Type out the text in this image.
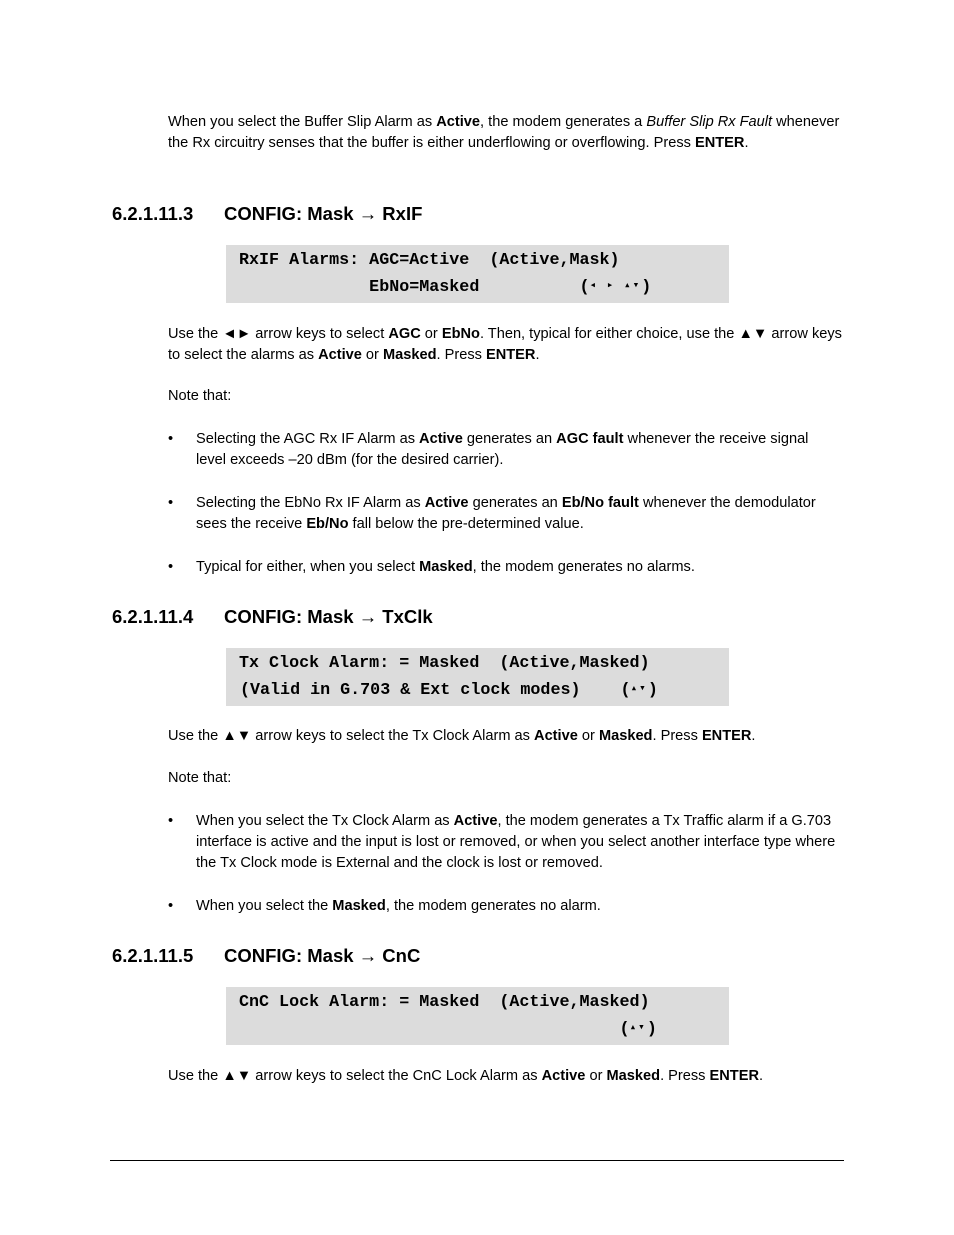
When you select the Buffer Slip Alarm as Active, the modem generates a Buffer Slip Rx Fault whenever the Rx circuitry senses that the buffer is either underflowing or overflowing. Press ENTER.
6.2.1.11.3 CONFIG: Mask → RxIF
RxIF Alarms: AGC=Active  (Active,Mask)
EbNo=Masked          (◂ ▸ ▴▾)
Use the ◄► arrow keys to select AGC or EbNo. Then, typical for either choice, use the ▲▼ arrow keys to select the alarms as Active or Masked. Press ENTER.
Note that:
• Selecting the AGC Rx IF Alarm as Active generates an AGC fault whenever the receive signal level exceeds –20 dBm (for the desired carrier).
• Selecting the EbNo Rx IF Alarm as Active generates an Eb/No fault whenever the demodulator sees the receive Eb/No fall below the pre-determined value.
• Typical for either, when you select Masked, the modem generates no alarms.
6.2.1.11.4 CONFIG: Mask → TxClk
Tx Clock Alarm: = Masked  (Active,Masked)
(Valid in G.703 & Ext clock modes)    (▴▾)
Use the ▲▼ arrow keys to select the Tx Clock Alarm as Active or Masked. Press ENTER.
Note that:
• When you select the Tx Clock Alarm as Active, the modem generates a Tx Traffic alarm if a G.703 interface is active and the input is lost or removed, or when you select another interface type where the Tx Clock mode is External and the clock is lost or removed.
• When you select the Masked, the modem generates no alarm.
6.2.1.11.5 CONFIG: Mask → CnC
CnC Lock Alarm: = Masked  (Active,Masked)
(▴▾)
Use the ▲▼ arrow keys to select the CnC Lock Alarm as Active or Masked. Press ENTER.
